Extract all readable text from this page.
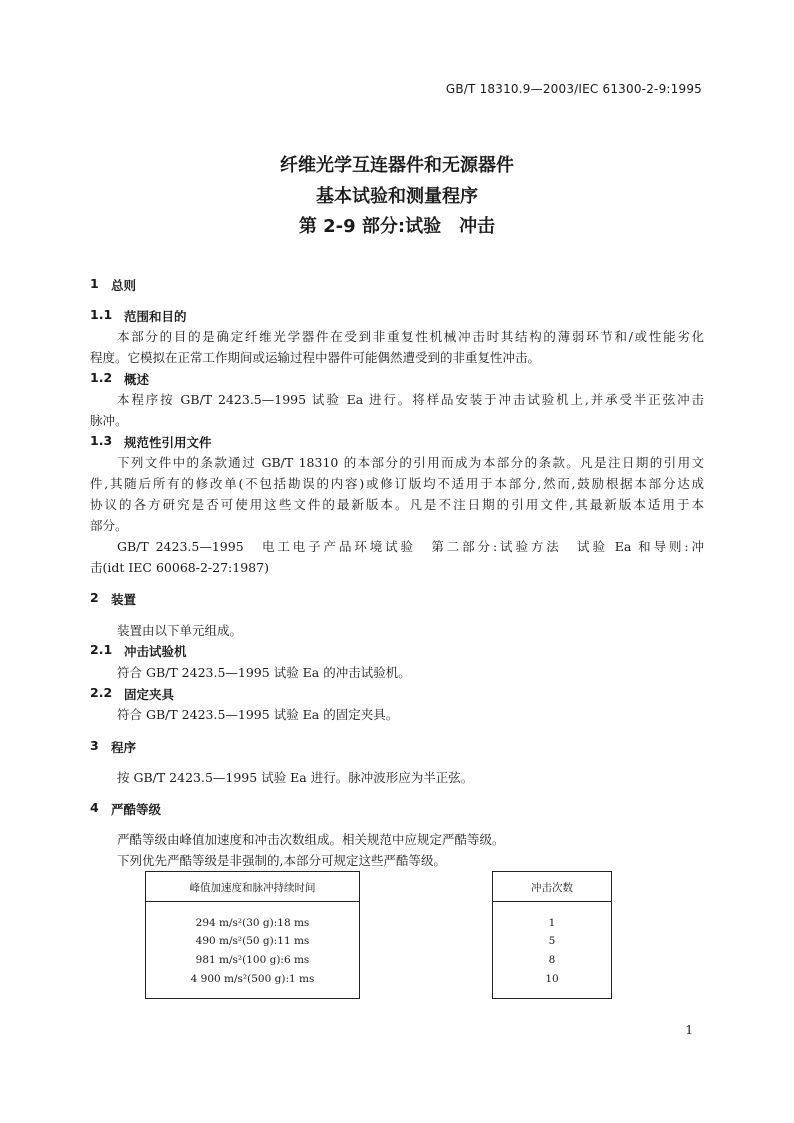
GB/T 18310.9—2003/IEC 61300-2-9:1995
纤维光学互连器件和无源器件
基本试验和测量程序
第 2-9 部分:试验　冲击
1 总则
1.1 范围和目的
本部分的目的是确定纤维光学器件在受到非重复性机械冲击时其结构的薄弱环节和/或性能劣化
程度。它模拟在正常工作期间或运输过程中器件可能偶然遭受到的非重复性冲击。
1.2 概述
本程序按 GB/T 2423.5—1995 试验 Ea 进行。将样品安装于冲击试验机上,并承受半正弦冲击
脉冲。
1.3 规范性引用文件
下列文件中的条款通过 GB/T 18310 的本部分的引用而成为本部分的条款。凡是注日期的引用文
件,其随后所有的修改单(不包括勘误的内容)或修订版均不适用于本部分,然而,鼓励根据本部分达成
协议的各方研究是否可使用这些文件的最新版本。凡是不注日期的引用文件,其最新版本适用于本
部分。
GB/T 2423.5—1995　电工电子产品环境试验　第二部分:试验方法　试验 Ea 和导则:冲
击(idt IEC 60068-2-27:1987)
2 装置
装置由以下单元组成。
2.1 冲击试验机
符合 GB/T 2423.5—1995 试验 Ea 的冲击试验机。
2.2 固定夹具
符合 GB/T 2423.5—1995 试验 Ea 的固定夹具。
3 程序
按 GB/T 2423.5—1995 试验 Ea 进行。脉冲波形应为半正弦。
4 严酷等级
严酷等级由峰值加速度和冲击次数组成。相关规范中应规定严酷等级。
下列优先严酷等级是非强制的,本部分可规定这些严酷等级。
峰值加速度和脉冲持续时间
294 m/s²(30 g):18 ms
490 m/s²(50 g):11 ms
981 m/s²(100 g):6 ms
4 900 m/s²(500 g):1 ms
冲击次数
1
5
8
10
1
